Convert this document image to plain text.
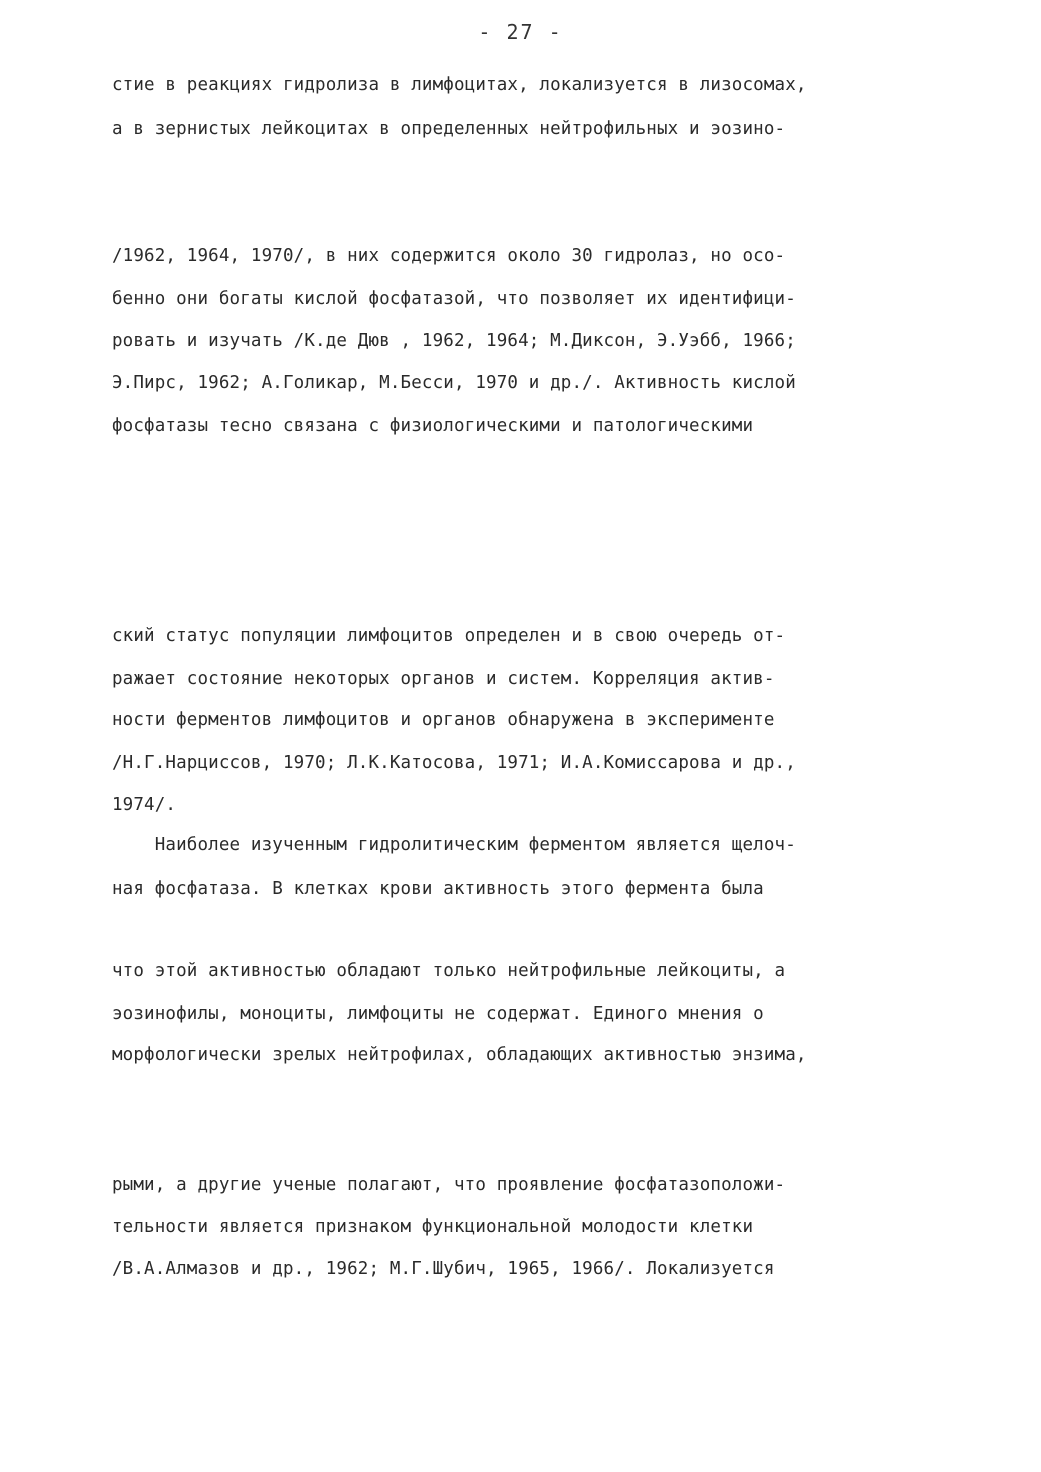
- 27 -
стие в реакциях гидролиза в лимфоцитах, локализуется в лизосомах,
а в зернистых лейкоцитах в определенных нейтрофильных и эозино-

/1962, 1964, 1970/, в них содержится около 30 гидролаз, но осо-
бенно они богаты кислой фосфатазой, что позволяет их идентифици-
ровать и изучать /К.де Дюв , 1962, 1964; М.Диксон, Э.Уэбб, 1966;
Э.Пирс, 1962; А.Голикар, М.Бесси, 1970 и др./. Активность кислой
фосфатазы тесно связана с физиологическими и патологическими

ский статус популяции лимфоцитов определен и в свою очередь от-
ражает состояние некоторых органов и систем. Корреляция актив-
ности ферментов лимфоцитов и органов обнаружена в эксперименте
/Н.Г.Нарциссов, 1970; Л.К.Катосова, 1971; И.А.Комиссарова и др.,
1974/.
Наиболее изученным гидролитическим ферментом является щелоч-
ная фосфатаза. В клетках крови активность этого фермента была

что этой активностью обладают только нейтрофильные лейкоциты, а
эозинофилы, моноциты, лимфоциты не содержат. Единого мнения о
морфологически зрелых нейтрофилах, обладающих активностью энзима,

рыми, а другие ученые полагают, что проявление фосфатазоположи-
тельности является признаком функциональной молодости клетки
/В.А.Алмазов и др., 1962; М.Г.Шубич, 1965, 1966/. Локализуется
